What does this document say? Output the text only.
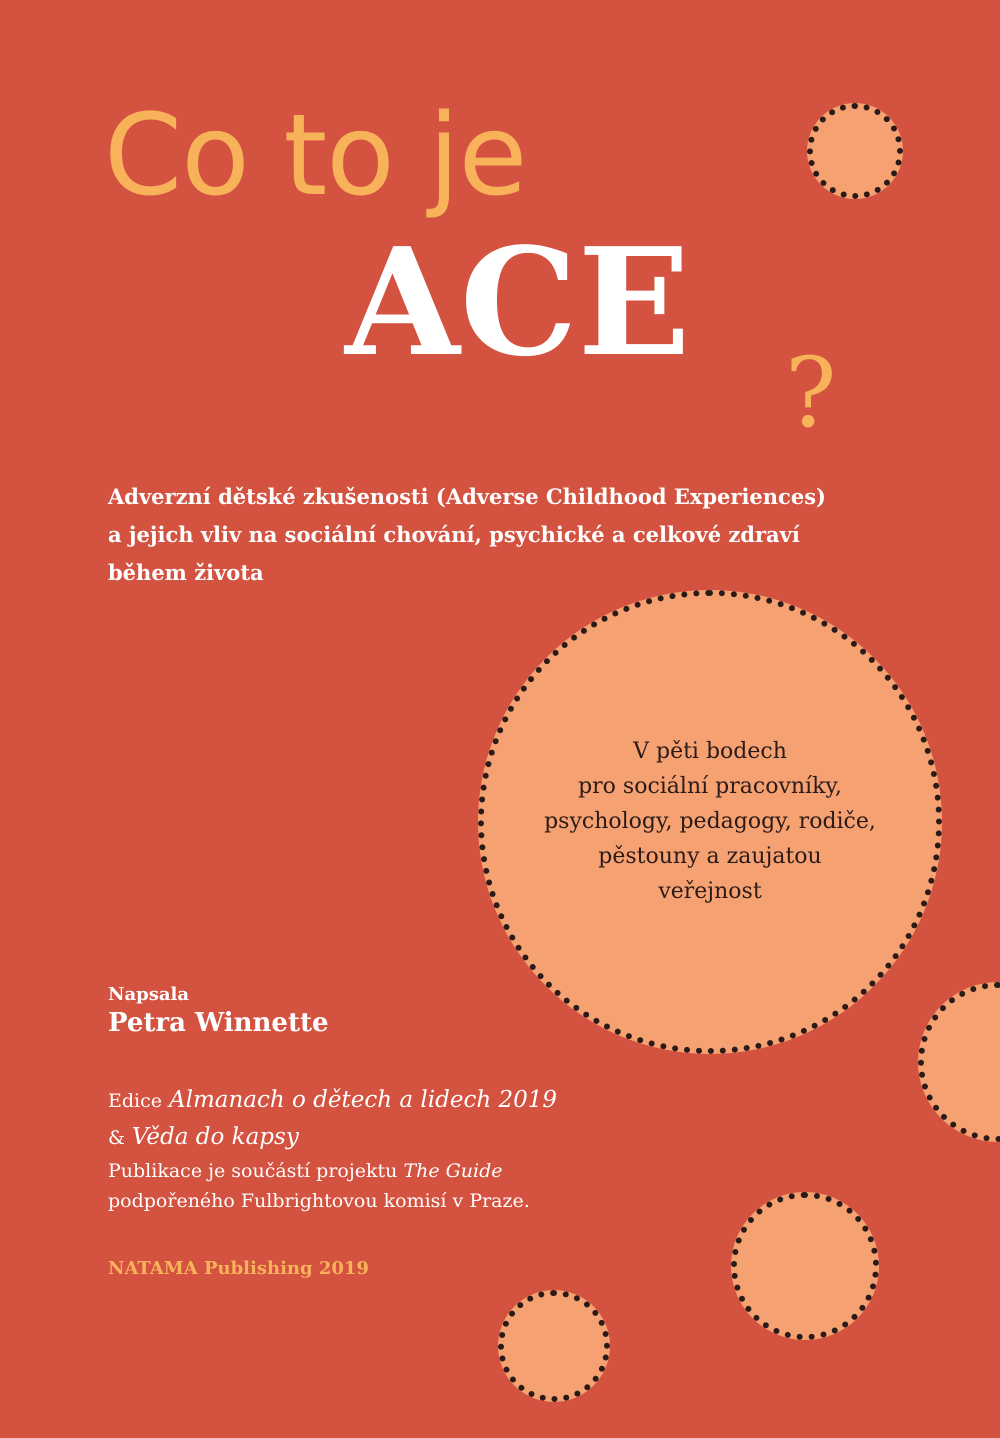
Co to je
ACE
?
Adverzní dětské zkušenosti (Adverse Childhood Experiences)
a jejich vliv na sociální chování, psychické a celkové zdraví
během života
V pěti bodech
pro sociální pracovníky,
psychology, pedagogy, rodiče,
pěstouny a zaujatou
veřejnost
Napsala
Petra Winnette
Edice Almanach o dětech a lidech 2019
& Věda do kapsy
Publikace je součástí projektu The Guide
podpořeného Fulbrightovou komisí v Praze.
NATAMA Publishing 2019
